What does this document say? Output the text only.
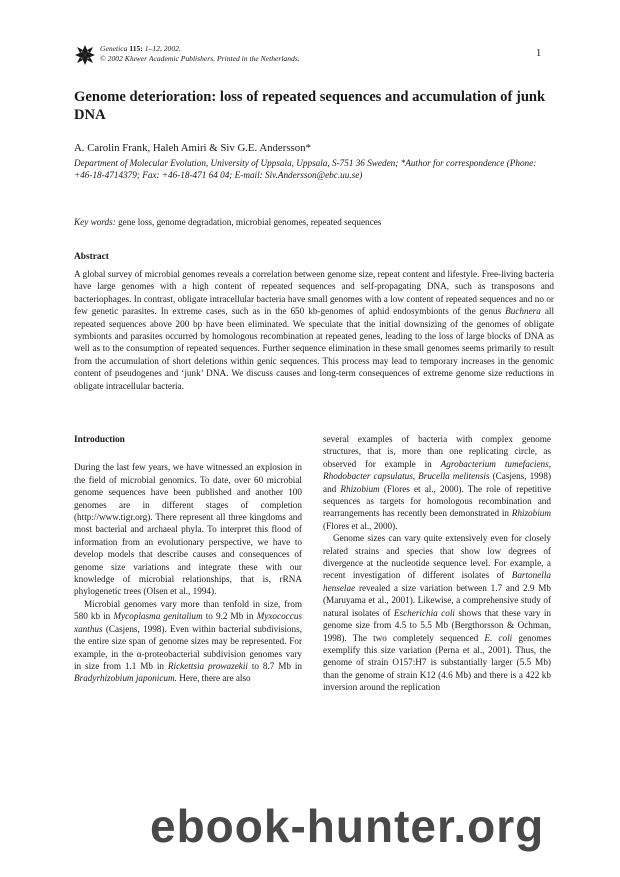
Genetica 115: 1–12, 2002.
© 2002 Kluwer Academic Publishers. Printed in the Netherlands.	1
Genome deterioration: loss of repeated sequences and accumulation of junk DNA
A. Carolin Frank, Haleh Amiri & Siv G.E. Andersson*
Department of Molecular Evolution, University of Uppsala, Uppsala, S-751 36 Sweden; *Author for correspondence (Phone: +46-18-4714379; Fax: +46-18-471 64 04; E-mail: Siv.Andersson@ebc.uu.se)
Key words: gene loss, genome degradation, microbial genomes, repeated sequences
Abstract
A global survey of microbial genomes reveals a correlation between genome size, repeat content and lifestyle. Free-living bacteria have large genomes with a high content of repeated sequences and self-propagating DNA, such as transposons and bacteriophages. In contrast, obligate intracellular bacteria have small genomes with a low content of repeated sequences and no or few genetic parasites. In extreme cases, such as in the 650 kb-genomes of aphid endosymbionts of the genus Buchnera all repeated sequences above 200 bp have been eliminated. We speculate that the initial downsizing of the genomes of obligate symbionts and parasites occurred by homologous recombination at repeated genes, leading to the loss of large blocks of DNA as well as to the consumption of repeated sequences. Further sequence elimination in these small genomes seems primarily to result from the accumulation of short deletions within genic sequences. This process may lead to temporary increases in the genomic content of pseudogenes and ‘junk’ DNA. We discuss causes and long-term consequences of extreme genome size reductions in obligate intracellular bacteria.
Introduction

During the last few years, we have witnessed an explosion in the field of microbial genomics. To date, over 60 microbial genome sequences have been published and another 100 genomes are in different stages of completion (http://www.tigr.org). There represent all three kingdoms and most bacterial and archaeal phyla. To interpret this flood of information from an evolutionary perspective, we have to develop models that describe causes and consequences of genome size variations and integrate these with our knowledge of microbial relationships, that is, rRNA phylogenetic trees (Olsen et al., 1994).

Microbial genomes vary more than tenfold in size, from 580 kb in Mycoplasma genitalium to 9.2 Mb in Myxococcus xanthus (Casjens, 1998). Even within bacterial subdivisions, the entire size span of genome sizes may be represented. For example, in the α-proteobacterial subdivision genomes vary in size from 1.1 Mb in Rickettsia prowazekii to 8.7 Mb in Bradyrhizobium japonicum. Here, there are also

several examples of bacteria with complex genome structures, that is, more than one replicating circle, as observed for example in Agrobacterium tumefaciens, Rhodobacter capsulatus, Brucella melitensis (Casjens, 1998) and Rhizobium (Flores et al., 2000). The role of repetitive sequences as targets for homologous recombination and rearrangements has recently been demonstrated in Rhizobium (Flores et al., 2000).

Genome sizes can vary quite extensively even for closely related strains and species that show low degrees of divergence at the nucleotide sequence level. For example, a recent investigation of different isolates of Bartonella henselae revealed a size variation between 1.7 and 2.9 Mb (Maruyama et al., 2001). Likewise, a comprehensive study of natural isolates of Escherichia coli shows that these vary in genome size from 4.5 to 5.5 Mb (Bergthorsson & Ochman, 1998). The two completely sequenced E. coli genomes exemplify this size variation (Perna et al., 2001). Thus, the genome of strain O157:H7 is substantially larger (5.5 Mb) than the genome of strain K12 (4.6 Mb) and there is a 422 kb inversion around the replication

ebook-hunter.org
